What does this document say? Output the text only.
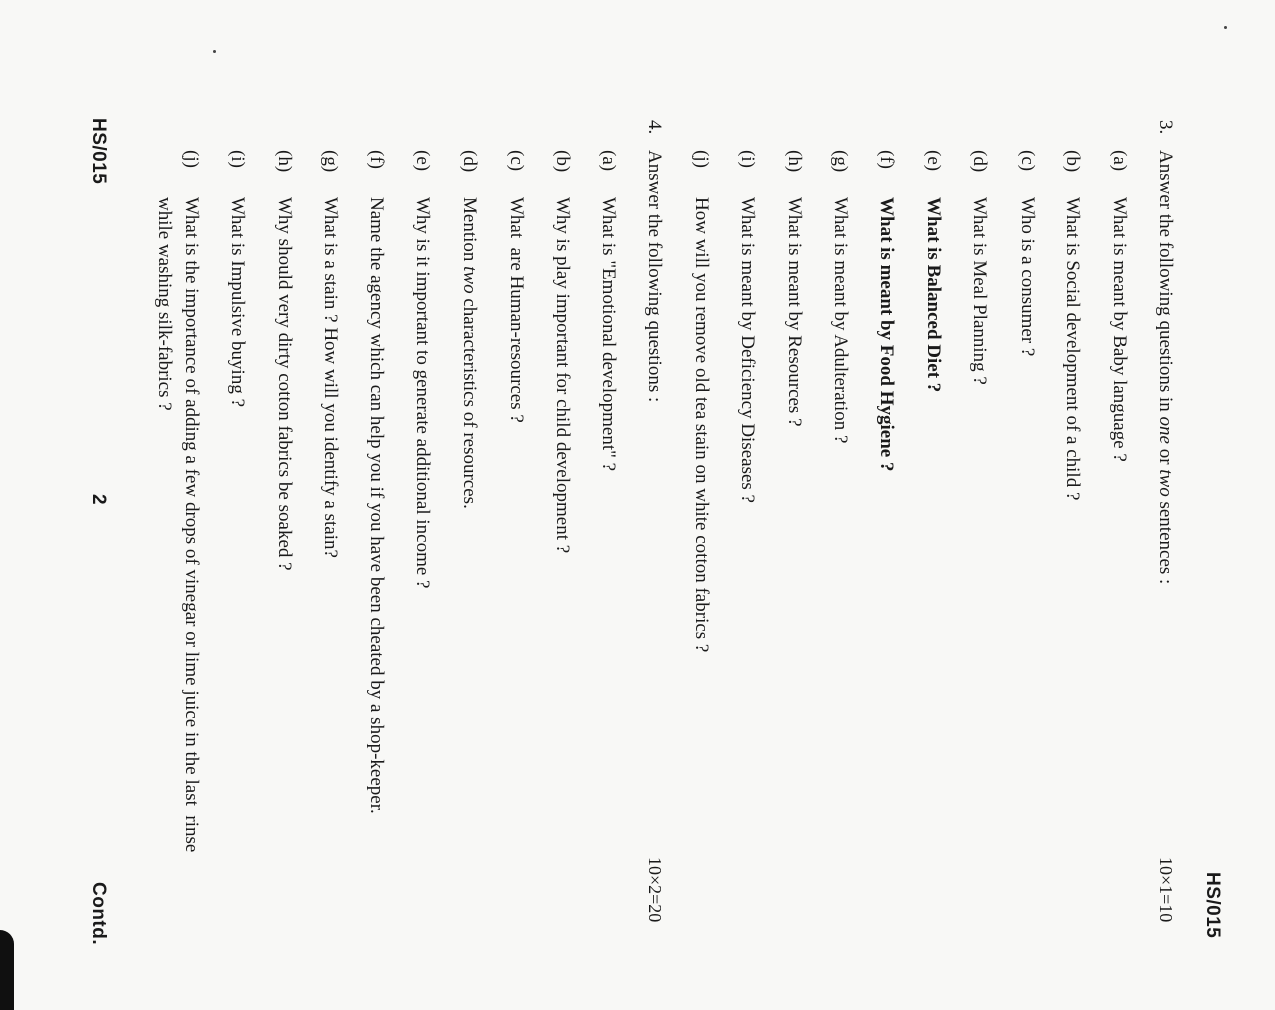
HS/015
3.
Answer the following questions in one or two sentences :
10×1=10
(a)
What is meant by Baby language ?
(b)
What is Social development of a child ?
(c)
Who is a consumer ?
(d)
What is Meal Planning ?
(e)
What is Balanced Diet ?
(f)
What is meant by Food Hygiene ?
(g)
What is meant by Adulteration ?
(h)
What is meant by Resources ?
(i)
What is meant by Deficiency Diseases ?
(j)
How will you remove old tea stain on white cotton fabrics ?
4.
Answer the following questions :
10×2=20
(a)
What is "Emotional development" ?
(b)
Why is play important for child development ?
(c)
What  are Human-resources ?
(d)
Mention two characteristics of resources.
(e)
Why is it important to generate additional income ?
(f)
Name the agency which can help you if you have been cheated by a shop-keeper.
(g)
What is a stain ? How will you identify a stain?
(h)
Why should very dirty cotton fabrics be soaked ?
(i)
What is Impulsive buying ?
(j)
What is the importance of adding a few drops of vinegar or lime juice in the last  rinse
while washing silk-fabrics ?
HS/015
2
Contd.
